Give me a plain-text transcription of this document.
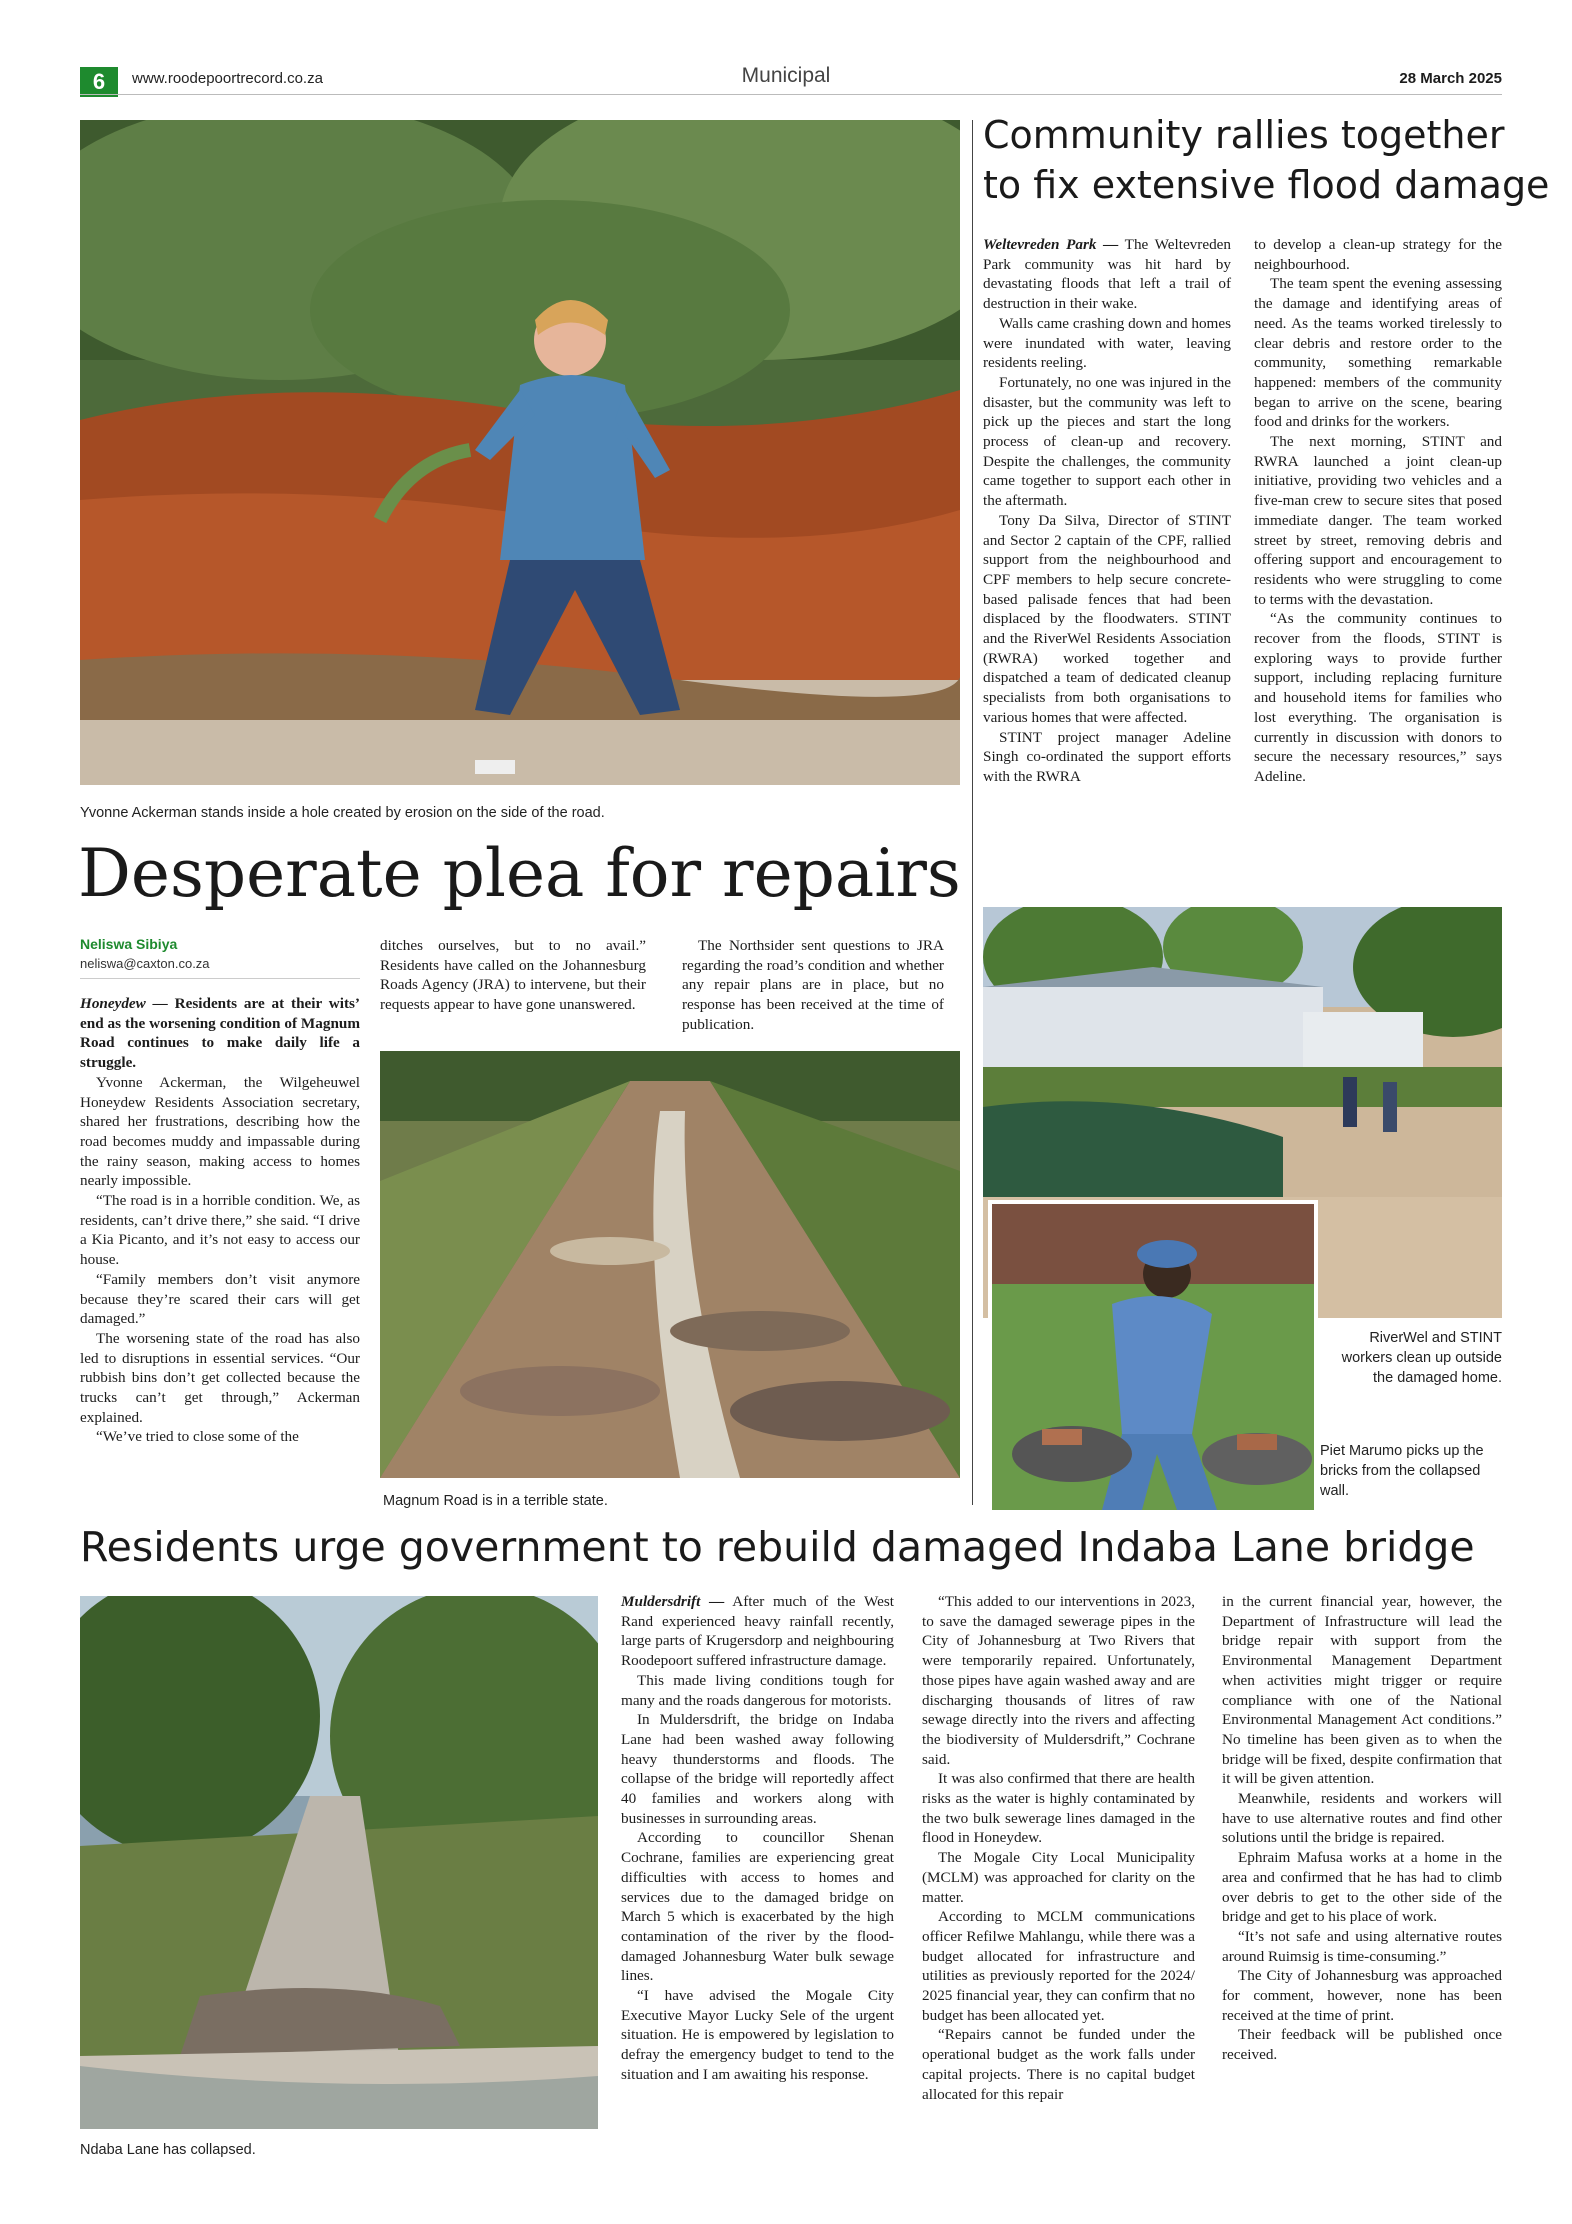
6	www.roodepoortrecord.co.za	Municipal	28 March 2025
Yvonne Ackerman stands inside a hole created by erosion on the side of the road.
Desperate plea for repairs
Neliswa Sibiya
neliswa@caxton.co.za

Honeydew — Residents are at their wits’ end as the worsening condition of Magnum Road continues to make daily life a struggle.

Yvonne Ackerman, the Wilgeheuwel Honeydew Residents Association secretary, shared her frustrations, describing how the road becomes muddy and impassable during the rainy season, making access to homes nearly impossible.

“The road is in a horrible condition. We, as residents, can’t drive there,” she said. “I drive a Kia Picanto, and it’s not easy to access our house.

“Family members don’t visit anymore because they’re scared their cars will get damaged.”

The worsening state of the road has also led to disruptions in essential services. “Our rubbish bins don’t get collected because the trucks can’t get through,” Ackerman explained.

“We’ve tried to close some of the

ditches ourselves, but to no avail.” Residents have called on the Johannesburg Roads Agency (JRA) to intervene, but their requests appear to have gone unanswered.

The Northsider sent questions to JRA regarding the road’s condition and whether any repair plans are in place, but no response has been received at the time of publication.

Magnum Road is in a terrible state.
Community rallies together
to fix extensive flood damage

Weltevreden Park — The Weltevreden Park community was hit hard by devastating floods that left a trail of destruction in their wake.

Walls came crashing down and homes were inundated with water, leaving residents reeling.

Fortunately, no one was injured in the disaster, but the community was left to pick up the pieces and start the long process of clean-up and recovery. Despite the challenges, the community came together to support each other in the aftermath.

Tony Da Silva, Director of STINT and Sector 2 captain of the CPF, rallied support from the neighbourhood and CPF members to help secure concrete-based palisade fences that had been displaced by the floodwaters. STINT and the RiverWel Residents Association (RWRA) worked together and dispatched a team of dedicated cleanup specialists from both organisations to various homes that were affected.

STINT project manager Adeline Singh co-ordinated the support efforts with the RWRA

to develop a clean-up strategy for the neighbourhood.

The team spent the evening assessing the damage and identifying areas of need. As the teams worked tirelessly to clear debris and restore order to the community, something remarkable happened: members of the community began to arrive on the scene, bearing food and drinks for the workers.

The next morning, STINT and RWRA launched a joint clean-up initiative, providing two vehicles and a five-man crew to secure sites that posed immediate danger. The team worked street by street, removing debris and offering support and encouragement to residents who were struggling to come to terms with the devastation.

“As the community continues to recover from the floods, STINT is exploring ways to provide further support, including replacing furniture and household items for families who lost everything. The organisation is currently in discussion with donors to secure the necessary resources,” says Adeline.

RiverWel and STINT workers clean up outside the damaged home.
Piet Marumo picks up the bricks from the collapsed wall.
Residents urge government to rebuild damaged Indaba Lane bridge
Ndaba Lane has collapsed.

Muldersdrift — After much of the West Rand experienced heavy rainfall recently, large parts of Krugersdorp and neighbouring Roodepoort suffered infrastructure damage.

This made living conditions tough for many and the roads dangerous for motorists.

In Muldersdrift, the bridge on Indaba Lane had been washed away following heavy thunderstorms and floods. The collapse of the bridge will reportedly affect 40 families and workers along with businesses in surrounding areas.

According to councillor Shenan Cochrane, families are experiencing great difficulties with access to homes and services due to the damaged bridge on March 5 which is exacerbated by the high contamination of the river by the flood-damaged Johannesburg Water bulk sewage lines.

“I have advised the Mogale City Executive Mayor Lucky Sele of the urgent situation. He is empowered by legislation to defray the emergency budget to tend to the situation and I am awaiting his response.

“This added to our interventions in 2023, to save the damaged sewerage pipes in the City of Johannesburg at Two Rivers that were temporarily repaired. Unfortunately, those pipes have again washed away and are discharging thousands of litres of raw sewage directly into the rivers and affecting the biodiversity of Muldersdrift,” Cochrane said.

It was also confirmed that there are health risks as the water is highly contaminated by the two bulk sewerage lines damaged in the flood in Honeydew.

The Mogale City Local Municipality (MCLM) was approached for clarity on the matter.

According to MCLM communications officer Refilwe Mahlangu, while there was a budget allocated for infrastructure and utilities as previously reported for the 2024/ 2025 financial year, they can confirm that no budget has been allocated yet.

“Repairs cannot be funded under the operational budget as the work falls under capital projects. There is no capital budget allocated for this repair

in the current financial year, however, the Department of Infrastructure will lead the bridge repair with support from the Environmental Management Department when activities might trigger or require compliance with one of the National Environmental Management Act conditions.” No timeline has been given as to when the bridge will be fixed, despite confirmation that it will be given attention.

Meanwhile, residents and workers will have to use alternative routes and find other solutions until the bridge is repaired.

Ephraim Mafusa works at a home in the area and confirmed that he has had to climb over debris to get to the other side of the bridge and get to his place of work.

“It’s not safe and using alternative routes around Ruimsig is time-consuming.”

The City of Johannesburg was approached for comment, however, none has been received at the time of print.

Their feedback will be published once received.
